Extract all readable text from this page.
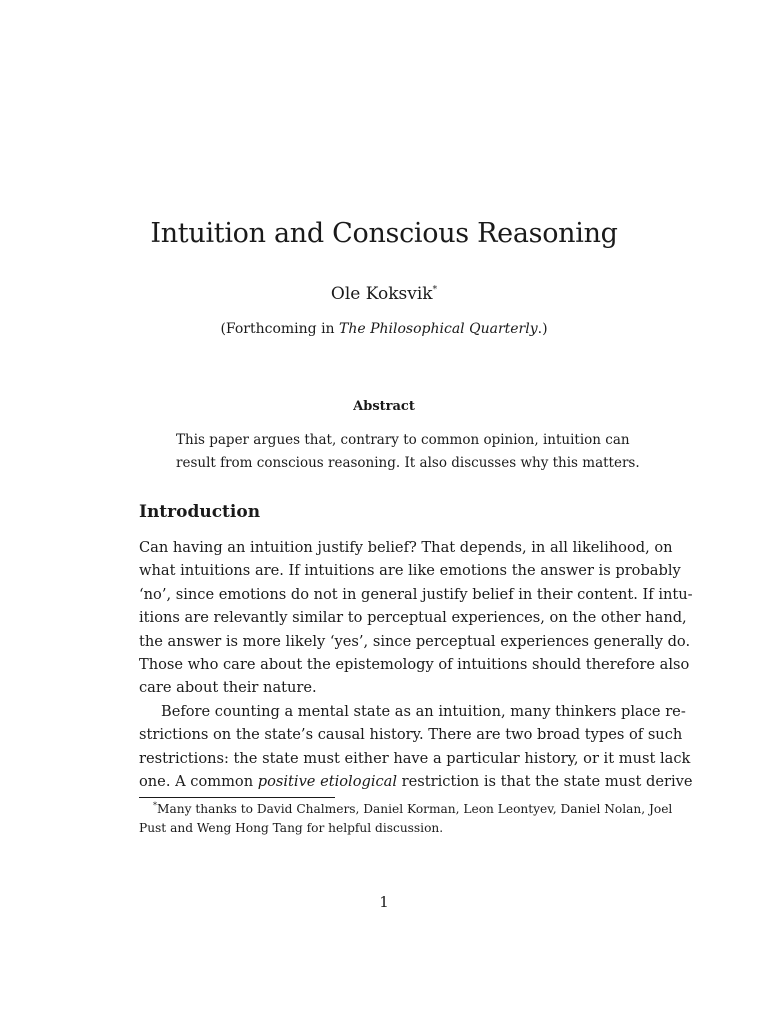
Intuition and Conscious Reasoning
Ole Koksvik*
(Forthcoming in The Philosophical Quarterly.)
Abstract
This paper argues that, contrary to common opinion, intuition can
result from conscious reasoning. It also discusses why this matters.
Introduction
Can having an intuition justify belief? That depends, in all likelihood, on
what intuitions are. If intuitions are like emotions the answer is probably
‘no’, since emotions do not in general justify belief in their content. If intu-
itions are relevantly similar to perceptual experiences, on the other hand,
the answer is more likely ‘yes’, since perceptual experiences generally do.
Those who care about the epistemology of intuitions should therefore also
care about their nature.
Before counting a mental state as an intuition, many thinkers place re-
strictions on the state’s causal history. There are two broad types of such
restrictions: the state must either have a particular history, or it must lack
one. A common positive etiological restriction is that the state must derive
*Many thanks to David Chalmers, Daniel Korman, Leon Leontyev, Daniel Nolan, Joel
Pust and Weng Hong Tang for helpful discussion.
1
